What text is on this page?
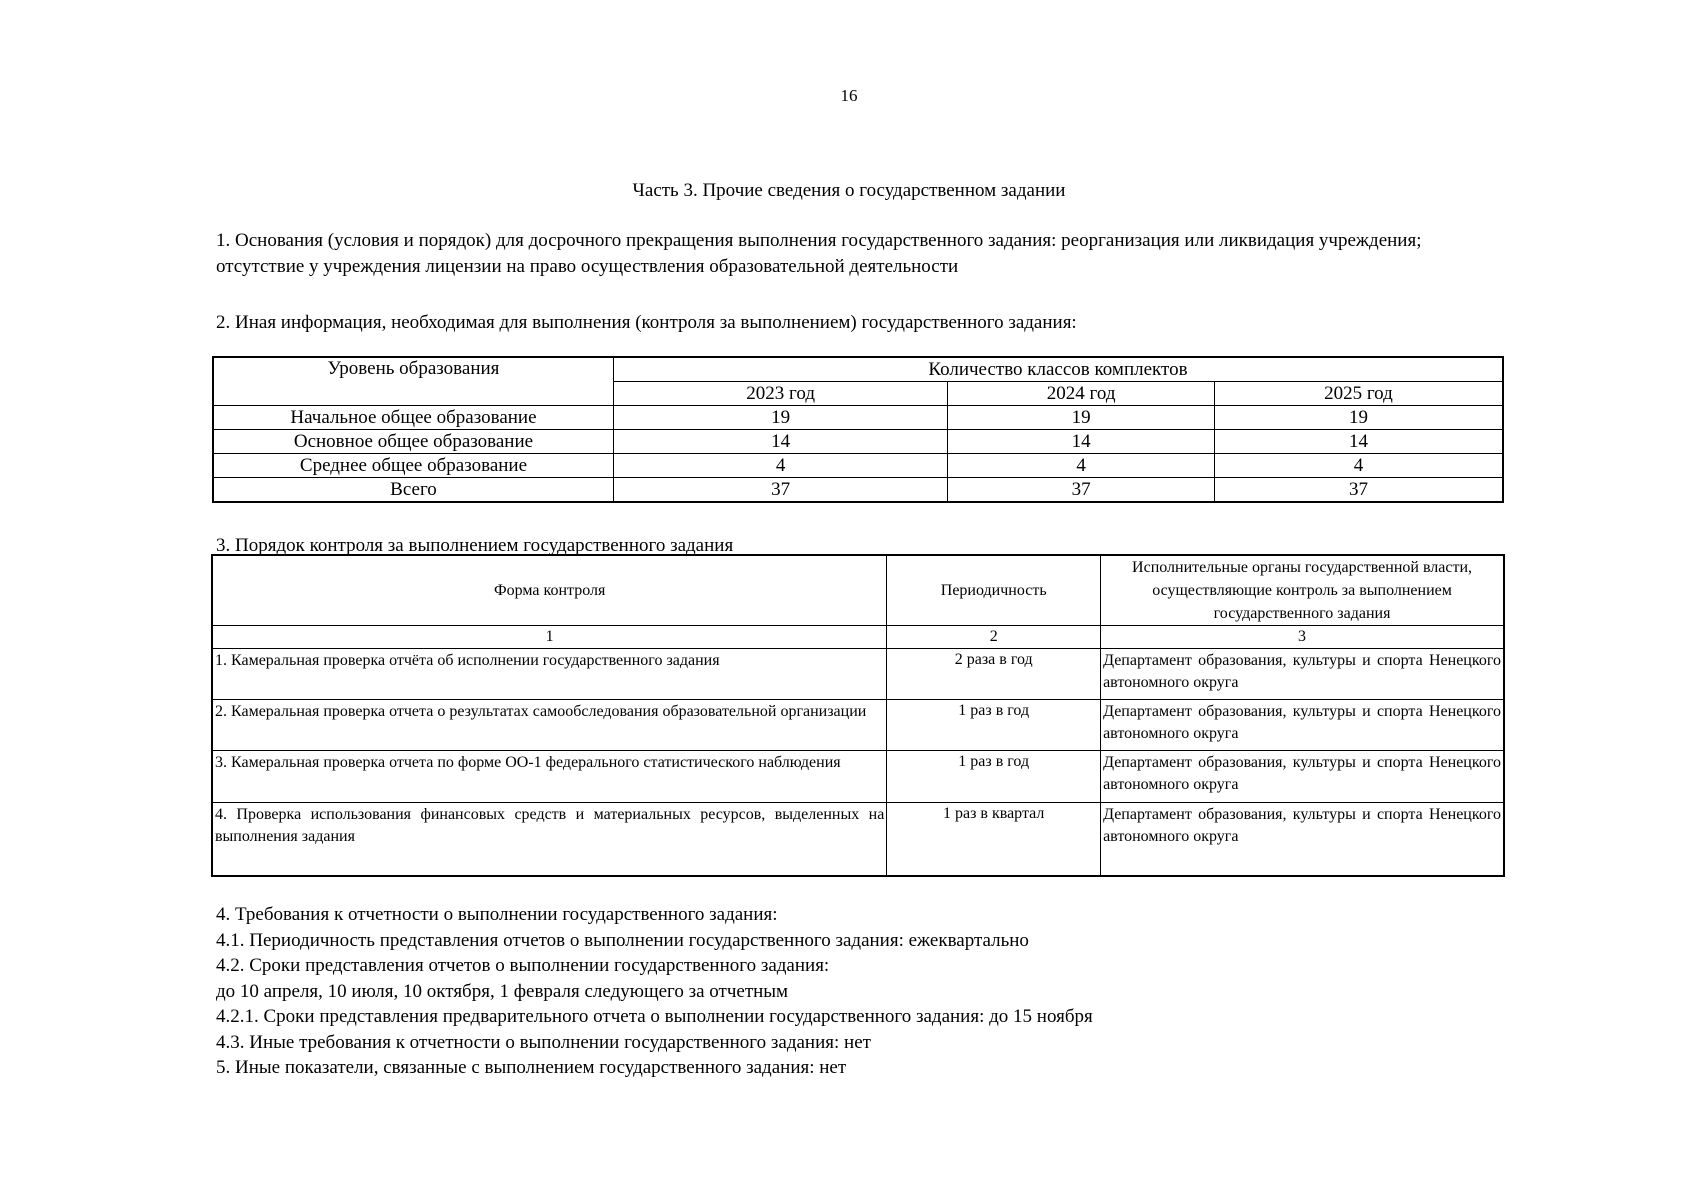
16
Часть 3. Прочие сведения о государственном задании
1. Основания (условия и порядок) для досрочного прекращения выполнения государственного задания: реорганизация или ликвидация учреждения;
отсутствие у учреждения лицензии на право осуществления образовательной деятельности
2. Иная информация, необходимая для выполнения (контроля за выполнением) государственного задания:
Уровень образования	Количество классов комплектов		
	2023 год	2024 год	2025 год
Начальное общее образование	19	19	19
Основное общее образование	14	14	14
Среднее общее образование	4	4	4
Всего	37	37	37
3. Порядок контроля за выполнением государственного задания
Форма контроля	Периодичность	Исполнительные органы государственной власти, осуществляющие контроль за выполнением государственного задания
1	2	3
1. Камеральная проверка отчёта об исполнении государственного задания	2 раза в год	Департамент образования, культуры и спорта Ненецкого автономного округа
2. Камеральная проверка отчета о результатах самообследования образовательной организации	1 раз в год	Департамент образования, культуры и спорта Ненецкого автономного округа
3. Камеральная проверка отчета по форме ОО-1 федерального статистического наблюдения	1 раз в год	Департамент образования, культуры и спорта Ненецкого автономного округа
4. Проверка использования финансовых средств и материальных ресурсов, выделенных на выполнения задания	1 раз в квартал	Департамент образования, культуры и спорта Ненецкого автономного округа
4. Требования к отчетности о выполнении государственного задания:
4.1. Периодичность представления отчетов о выполнении государственного задания: ежеквартально
4.2. Сроки представления отчетов о выполнении государственного задания:
до 10 апреля, 10 июля, 10 октября, 1 февраля следующего за отчетным
4.2.1. Сроки представления предварительного отчета о выполнении государственного задания: до 15 ноября
4.3. Иные требования к отчетности о выполнении государственного задания: нет
5. Иные показатели, связанные с выполнением государственного задания: нет
